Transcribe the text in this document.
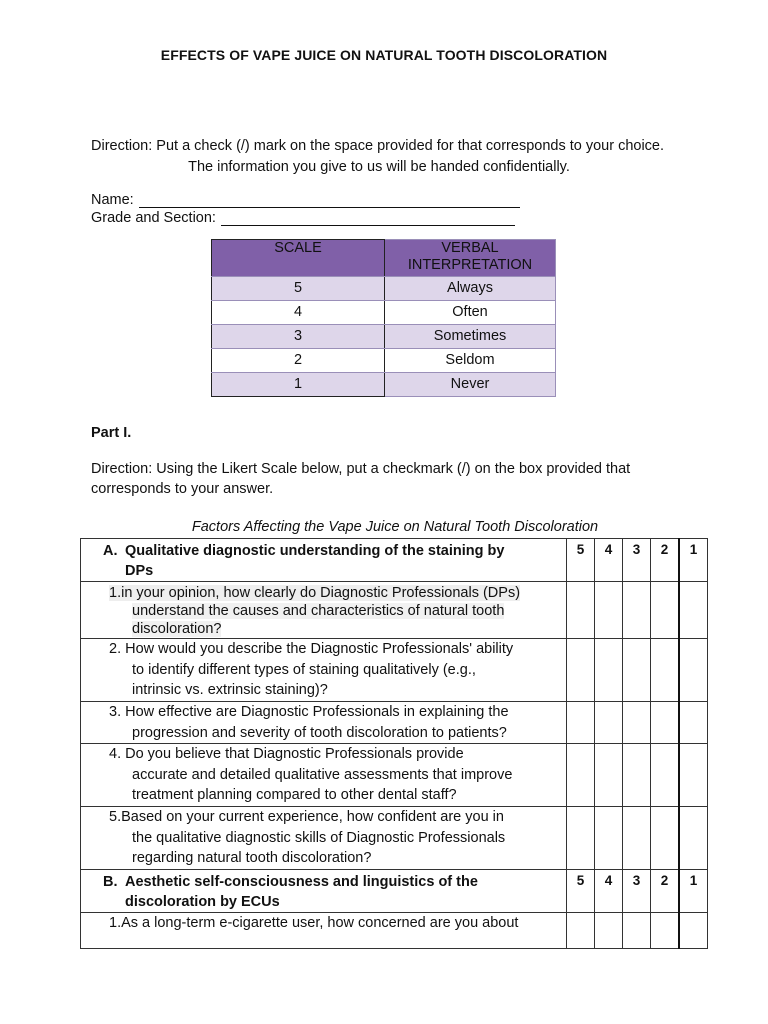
EFFECTS OF VAPE JUICE ON NATURAL TOOTH DISCOLORATION
Direction: Put a check (/) mark on the space provided for that corresponds to your choice.
The information you give to us will be handed confidentially.
Name:
Grade and Section:
SCALE	VERBAL
INTERPRETATION

5	Always
4	Often
3	Sometimes
2	Seldom
1	Never
Part I.
Direction: Using the Likert Scale below, put a checkmark (/) on the box provided that
corresponds to your answer.
Factors Affecting the Vape Juice on Natural Tooth Discoloration
A. Qualitative diagnostic understanding of the staining by
DPs	5	4	3	2	1

1.in your opinion, how clearly do Diagnostic Professionals (DPs)
understand the causes and characteristics of natural tooth
discoloration?					

2. How would you describe the Diagnostic Professionals' ability
to identify different types of staining qualitatively (e.g.,
intrinsic vs. extrinsic staining)?					

3. How effective are Diagnostic Professionals in explaining the
progression and severity of tooth discoloration to patients?					

4. Do you believe that Diagnostic Professionals provide
accurate and detailed qualitative assessments that improve
treatment planning compared to other dental staff?					

5.Based on your current experience, how confident are you in
the qualitative diagnostic skills of Diagnostic Professionals
regarding natural tooth discoloration?					

B. Aesthetic self-consciousness and linguistics of the
discoloration by ECUs	5	4	3	2	1

1.As a long-term e-cigarette user, how concerned are you about					
